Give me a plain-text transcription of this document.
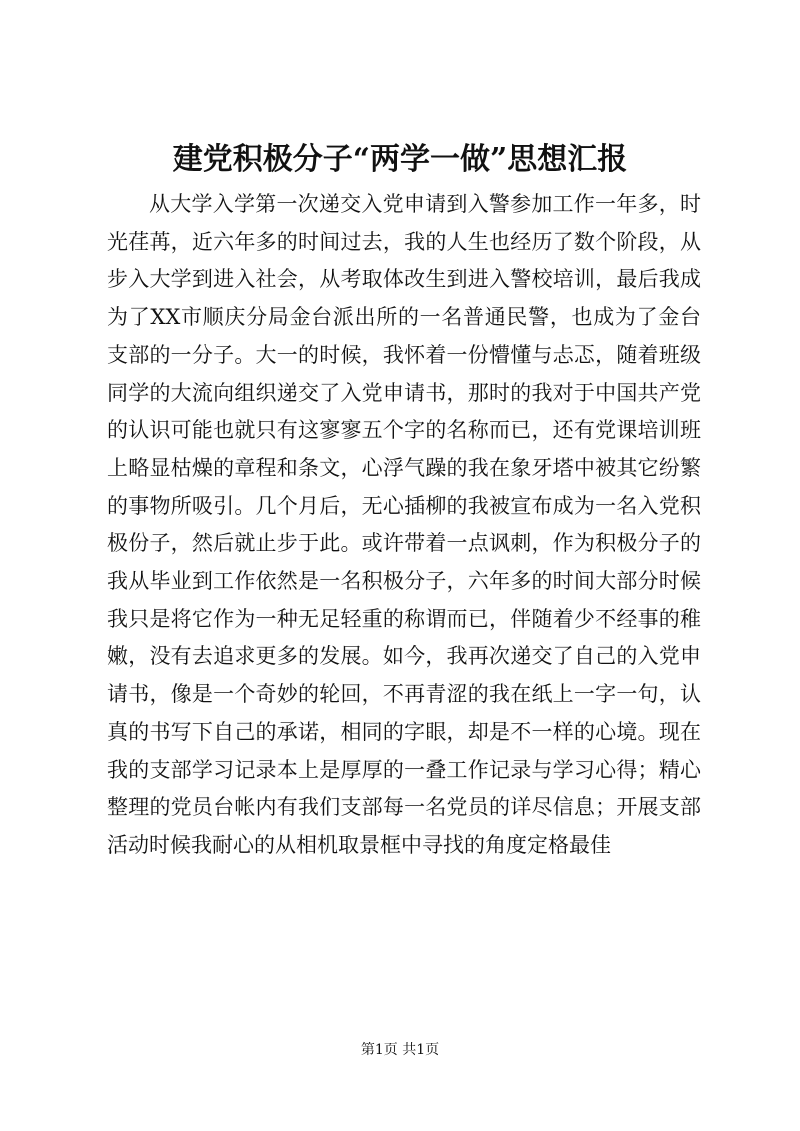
建党积极分子“两学一做”思想汇报

从大学入学第一次递交入党申请到入警参加工作一年多，时光荏苒，近六年多的时间过去，我的人生也经历了数个阶段，从步入大学到进入社会，从考取体改生到进入警校培训，最后我成为了XX市顺庆分局金台派出所的一名普通民警，也成为了金台支部的一分子。大一的时候，我怀着一份懵懂与忐忑，随着班级同学的大流向组织递交了入党申请书，那时的我对于中国共产党的认识可能也就只有这寥寥五个字的名称而已，还有党课培训班上略显枯燥的章程和条文，心浮气躁的我在象牙塔中被其它纷繁的事物所吸引。几个月后，无心插柳的我被宣布成为一名入党积极份子，然后就止步于此。或许带着一点讽刺，作为积极分子的我从毕业到工作依然是一名积极分子，六年多的时间大部分时候我只是将它作为一种无足轻重的称谓而已，伴随着少不经事的稚嫩，没有去追求更多的发展。如今，我再次递交了自己的入党申请书，像是一个奇妙的轮回，不再青涩的我在纸上一字一句，认真的书写下自己的承诺，相同的字眼，却是不一样的心境。现在我的支部学习记录本上是厚厚的一叠工作记录与学习心得；精心整理的党员台帐内有我们支部每一名党员的详尽信息；开展支部活动时候我耐心的从相机取景框中寻找的角度定格最佳

第1页 共1页
